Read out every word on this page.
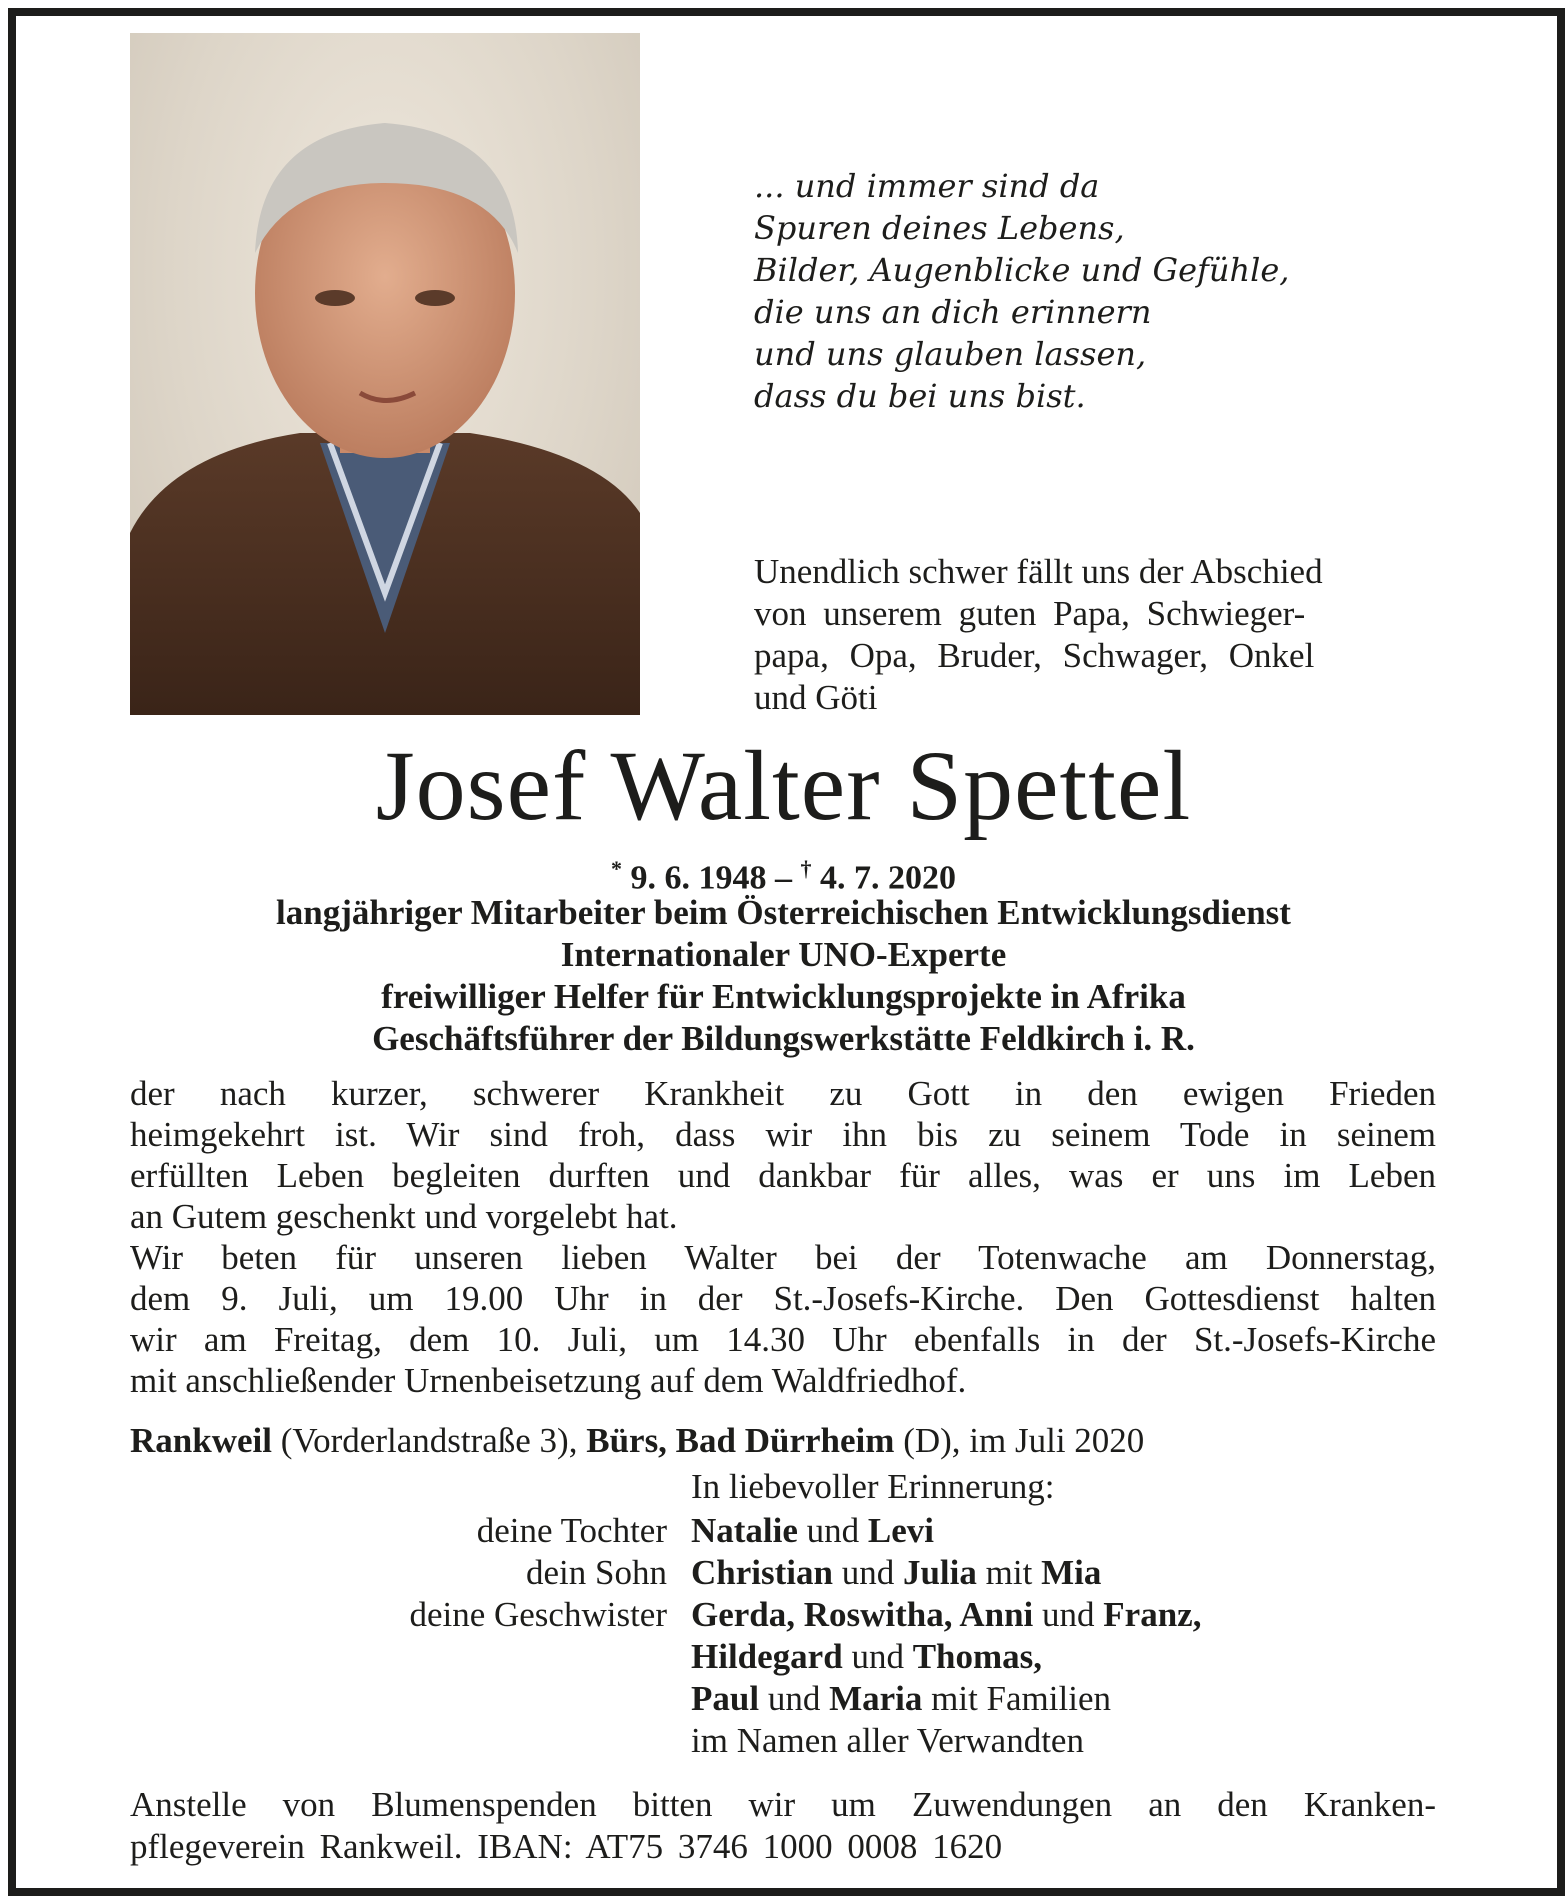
... und immer sind da
Spuren deines Lebens,
Bilder, Augenblicke und Gefühle,
die uns an dich erinnern
und uns glauben lassen,
dass du bei uns bist.
Unendlich schwer fällt uns der Abschied
von unserem guten Papa, Schwieger-
papa, Opa, Bruder, Schwager, Onkel
und Göti
Josef Walter Spettel
* 9. 6. 1948 – † 4. 7. 2020
langjähriger Mitarbeiter beim Österreichischen Entwicklungsdienst
Internationaler UNO-Experte
freiwilliger Helfer für Entwicklungsprojekte in Afrika
Geschäftsführer der Bildungswerkstätte Feldkirch i. R.
der nach kurzer, schwerer Krankheit zu Gott in den ewigen Frieden
heimgekehrt ist. Wir sind froh, dass wir ihn bis zu seinem Tode in seinem
erfüllten Leben begleiten durften und dankbar für alles, was er uns im Leben
an Gutem geschenkt und vorgelebt hat.
Wir beten für unseren lieben Walter bei der Totenwache am Donnerstag,
dem 9. Juli, um 19.00 Uhr in der St.-Josefs-Kirche. Den Gottesdienst halten
wir am Freitag, dem 10. Juli, um 14.30 Uhr ebenfalls in der St.-Josefs-Kirche
mit anschließender Urnenbeisetzung auf dem Waldfriedhof.
Rankweil (Vorderlandstraße 3), Bürs, Bad Dürrheim (D), im Juli 2020
In liebevoller Erinnerung:
deine Tochter Natalie und Levi
dein Sohn Christian und Julia mit Mia
deine Geschwister Gerda, Roswitha, Anni und Franz,
Hildegard und Thomas,
Paul und Maria mit Familien
im Namen aller Verwandten
Anstelle von Blumenspenden bitten wir um Zuwendungen an den Kranken-
pflegeverein Rankweil. IBAN: AT75 3746 1000 0008 1620
